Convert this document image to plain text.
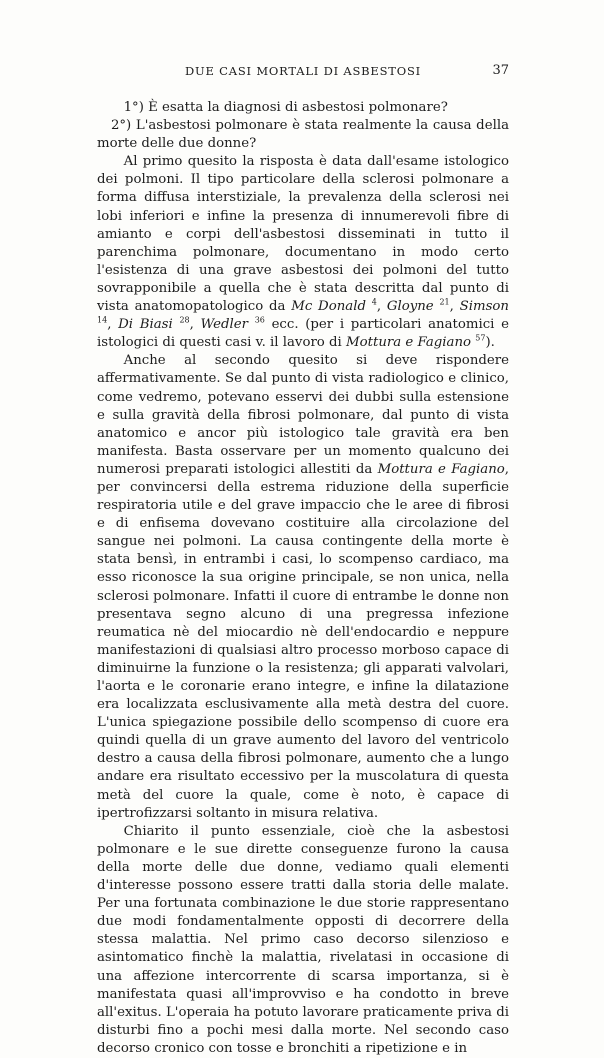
DUE CASI MORTALI DI ASBESTOSI	37

1°) È esatta la diagnosi di asbestosi polmonare?

2°) L'asbestosi polmonare è stata realmente la causa della morte delle due donne?

Al primo quesito la risposta è data dall'esame istologico dei polmoni. Il tipo particolare della sclerosi polmonare a forma diffusa interstiziale, la prevalenza della sclerosi nei lobi inferiori e infine la presenza di innumerevoli fibre di amianto e corpi dell'asbestosi disseminati in tutto il parenchima polmonare, documentano in modo certo l'esistenza di una grave asbestosi dei polmoni del tutto sovrapponibile a quella che è stata descritta dal punto di vista anatomopatologico da Mc Donald $^4$, Gloyne $^{21}$, Simson $^{14}$, Di Biasi $^{28}$, Wedler $^{36}$ ecc. (per i particolari anatomici e istologici di questi casi v. il lavoro di Mottura e Fagiano $^{57}$).

Anche al secondo quesito si deve rispondere affermativamente. Se dal punto di vista radiologico e clinico, come vedremo, potevano esservi dei dubbi sulla estensione e sulla gravità della fibrosi polmonare, dal punto di vista anatomico e ancor più istologico tale gravità era ben manifesta. Basta osservare per un momento qualcuno dei numerosi preparati istologici allestiti da Mottura e Fagiano, per convincersi della estrema riduzione della superficie respiratoria utile e del grave impaccio che le aree di fibrosi e di enfisema dovevano costituire alla circolazione del sangue nei polmoni. La causa contingente della morte è stata bensì, in entrambi i casi, lo scompenso cardiaco, ma esso riconosce la sua origine principale, se non unica, nella sclerosi polmonare. Infatti il cuore di entrambe le donne non presentava segno alcuno di una pregressa infezione reumatica nè del miocardio nè dell'endocardio e neppure manifestazioni di qualsiasi altro processo morboso capace di diminuirne la funzione o la resistenza; gli apparati valvolari, l'aorta e le coronarie erano integre, e infine la dilatazione era localizzata esclusivamente alla metà destra del cuore. L'unica spiegazione possibile dello scompenso di cuore era quindi quella di un grave aumento del lavoro del ventricolo destro a causa della fibrosi polmonare, aumento che a lungo andare era risultato eccessivo per la muscolatura di questa metà del cuore la quale, come è noto, è capace di ipertrofizzarsi soltanto in misura relativa.

Chiarito il punto essenziale, cioè che la asbestosi polmonare e le sue dirette conseguenze furono la causa della morte delle due donne, vediamo quali elementi d'interesse possono essere tratti dalla storia delle malate. Per una fortunata combinazione le due storie rappresentano due modi fondamentalmente opposti di decorrere della stessa malattia. Nel primo caso decorso silenzioso e asintomatico finchè la malattia, rivelatasi in occasione di una affezione intercorrente di scarsa importanza, si è manifestata quasi all'improvviso e ha condotto in breve all'exitus. L'operaia ha potuto lavorare praticamente priva di disturbi fino a pochi mesi dalla morte. Nel secondo caso decorso cronico con tosse e bronchiti a ripetizione e in
